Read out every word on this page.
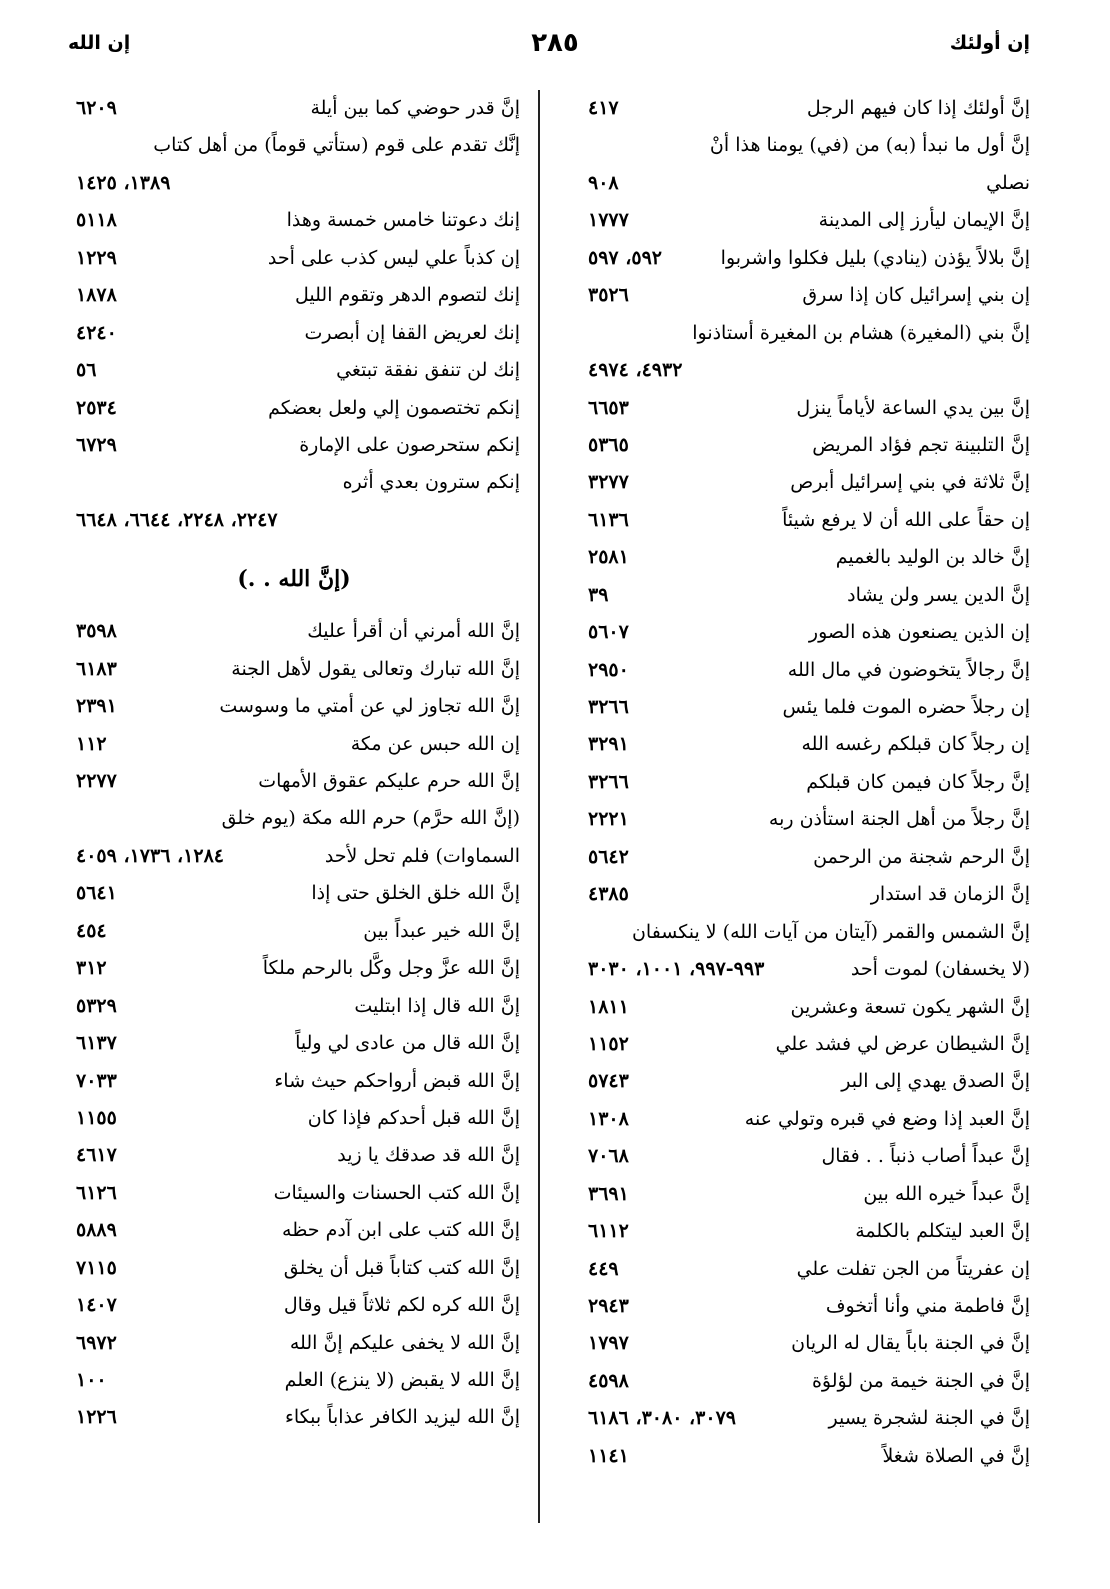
إن أولئك
٢٨٥
إن الله
إنَّ أولئك إذا كان فيهم الرجل
٤١٧
إنَّ أول ما نبدأ (به) من (في) يومنا هذا أنْ
نصلي
٩٠٨
إنَّ الإيمان ليأرز إلى المدينة
١٧٧٧
إنَّ بلالاً يؤذن (ينادي) بليل فكلوا واشربوا
٥٩٢، ٥٩٧
إن بني إسرائيل كان إذا سرق
٣٥٢٦
إنَّ بني (المغيرة) هشام بن المغيرة أستاذنوا
٤٩٣٢، ٤٩٧٤
إنَّ بين يدي الساعة لأياماً ينزل
٦٦٥٣
إنَّ التلبينة تجم فؤاد المريض
٥٣٦٥
إنَّ ثلاثة في بني إسرائيل أبرص
٣٢٧٧
إن حقاً على الله أن لا يرفع شيئاً
٦١٣٦
إنَّ خالد بن الوليد بالغميم
٢٥٨١
إنَّ الدين يسر ولن يشاد
٣٩
إن الذين يصنعون هذه الصور
٥٦٠٧
إنَّ رجالاً يتخوضون في مال الله
٢٩٥٠
إن رجلاً حضره الموت فلما يئس
٣٢٦٦
إن رجلاً كان قبلكم رغسه الله
٣٢٩١
إنَّ رجلاً كان فيمن كان قبلكم
٣٢٦٦
إنَّ رجلاً من أهل الجنة استأذن ربه
٢٢٢١
إنَّ الرحم شجنة من الرحمن
٥٦٤٢
إنَّ الزمان قد استدار
٤٣٨٥
إنَّ الشمس والقمر (آيتان من آيات الله) لا ينكسفان
(لا يخسفان) لموت أحد
٩٩٣-٩٩٧، ١٠٠١، ٣٠٣٠
إنَّ الشهر يكون تسعة وعشرين
١٨١١
إنَّ الشيطان عرض لي فشد علي
١١٥٢
إنَّ الصدق يهدي إلى البر
٥٧٤٣
إنَّ العبد إذا وضع في قبره وتولي عنه
١٣٠٨
إنَّ عبداً أصاب ذنباً . . فقال
٧٠٦٨
إنَّ عبداً خيره الله بين
٣٦٩١
إنَّ العبد ليتكلم بالكلمة
٦١١٢
إن عفريتاً من الجن تفلت علي
٤٤٩
إنَّ فاطمة مني وأنا أتخوف
٢٩٤٣
إنَّ في الجنة باباً يقال له الريان
١٧٩٧
إنَّ في الجنة خيمة من لؤلؤة
٤٥٩٨
إنَّ في الجنة لشجرة يسير
٣٠٧٩، ٣٠٨٠، ٦١٨٦
إنَّ في الصلاة شغلاً
١١٤١
إنَّ قدر حوضي كما بين أيلة
٦٢٠٩
إنَّك تقدم على قوم (ستأتي قوماً) من أهل كتاب
١٣٨٩، ١٤٢٥
إنك دعوتنا خامس خمسة وهذا
٥١١٨
إن كذباً علي ليس كذب على أحد
١٢٢٩
إنك لتصوم الدهر وتقوم الليل
١٨٧٨
إنك لعريض القفا إن أبصرت
٤٢٤٠
إنك لن تنفق نفقة تبتغي
٥٦
إنكم تختصمون إلي ولعل بعضكم
٢٥٣٤
إنكم ستحرصون على الإمارة
٦٧٢٩
إنكم سترون بعدي أثره
٢٢٤٧، ٢٢٤٨، ٦٦٤٤، ٦٦٤٨
(إنَّ الله . .)
إنَّ الله أمرني أن أقرأ عليك
٣٥٩٨
إنَّ الله تبارك وتعالى يقول لأهل الجنة
٦١٨٣
إنَّ الله تجاوز لي عن أمتي ما وسوست
٢٣٩١
إن الله حبس عن مكة
١١٢
إنَّ الله حرم عليكم عقوق الأمهات
٢٢٧٧
(إنَّ الله حرَّم) حرم الله مكة (يوم خلق
السماوات) فلم تحل لأحد
١٢٨٤، ١٧٣٦، ٤٠٥٩
إنَّ الله خلق الخلق حتى إذا
٥٦٤١
إنَّ الله خير عبداً بين
٤٥٤
إنَّ الله عزَّ وجل وكَّل بالرحم ملكاً
٣١٢
إنَّ الله قال إذا ابتليت
٥٣٢٩
إنَّ الله قال من عادى لي ولياً
٦١٣٧
إنَّ الله قبض أرواحكم حيث شاء
٧٠٣٣
إنَّ الله قبل أحدكم فإذا كان
١١٥٥
إنَّ الله قد صدقك يا زيد
٤٦١٧
إنَّ الله كتب الحسنات والسيئات
٦١٢٦
إنَّ الله كتب على ابن آدم حظه
٥٨٨٩
إنَّ الله كتب كتاباً قبل أن يخلق
٧١١٥
إنَّ الله كره لكم ثلاثاً قيل وقال
١٤٠٧
إنَّ الله لا يخفى عليكم إنَّ الله
٦٩٧٢
إنَّ الله لا يقبض (لا ينزع) العلم
١٠٠
إنَّ الله ليزيد الكافر عذاباً ببكاء
١٢٢٦
